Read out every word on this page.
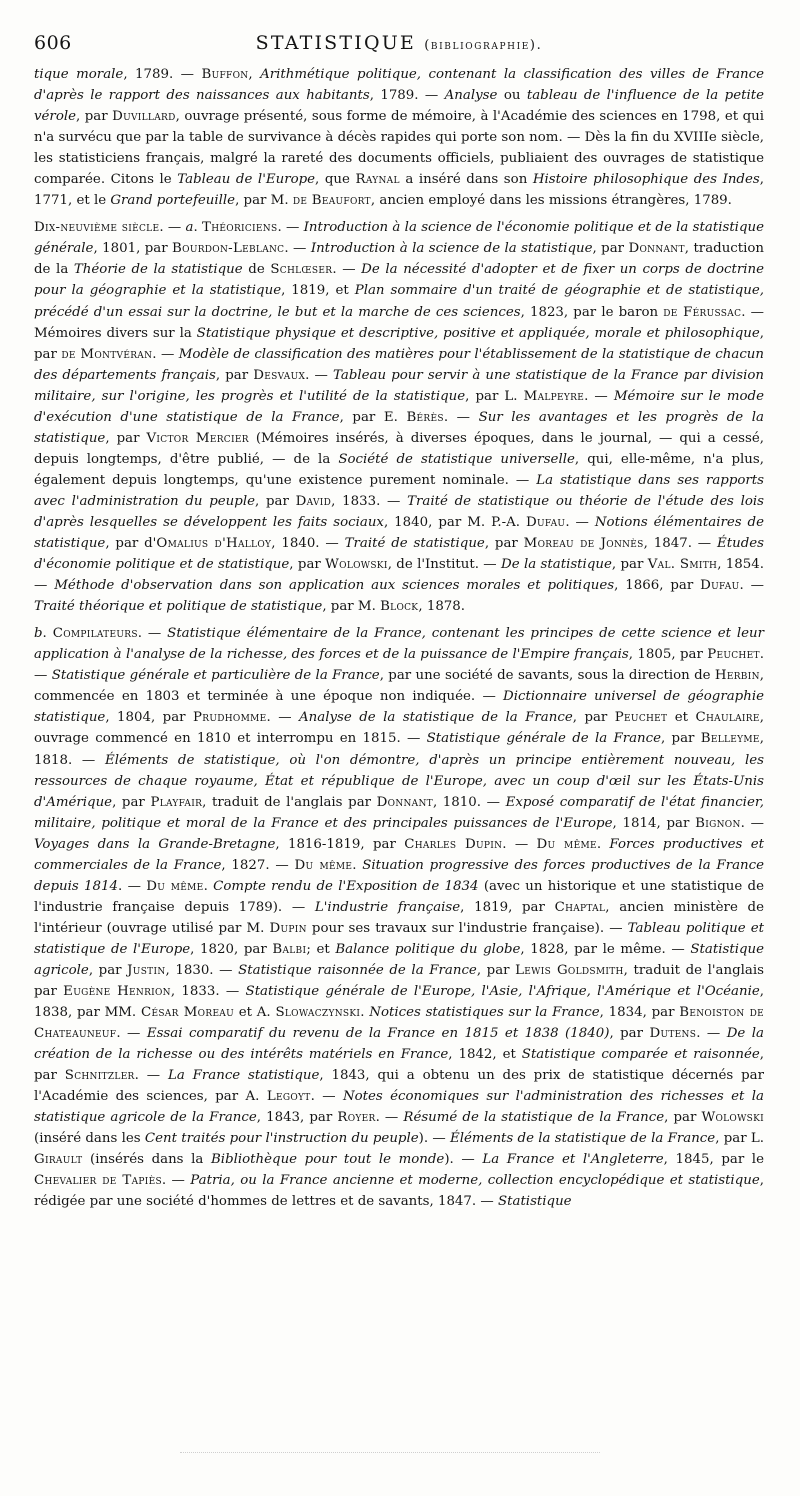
606	STATISTIQUE (bibliographie).

tique morale, 1789. — Buffon, Arithmétique politique, contenant la classification des villes de France d'après le rapport des naissances aux habitants, 1789. — Analyse ou tableau de l'influence de la petite vérole, par Duvillard, ouvrage présenté, sous forme de mémoire, à l'Académie des sciences en 1798, et qui n'a survécu que par la table de survivance à décès rapides qui porte son nom. — Dès la fin du XVIIIe siècle, les statisticiens français, malgré la rareté des documents officiels, publiaient des ouvrages de statistique comparée. Citons le Tableau de l'Europe, que Raynal a inséré dans son Histoire philosophique des Indes, 1771, et le Grand portefeuille, par M. de Beaufort, ancien employé dans les missions étrangères, 1789.

Dix-neuvième siècle. — a. Théoriciens. — Introduction à la science de l'économie politique et de la statistique générale, 1801, par Bourdon-Leblanc. — Introduction à la science de la statistique, par Donnant, traduction de la Théorie de la statistique de Schlœser. — De la nécessité d'adopter et de fixer un corps de doctrine pour la géographie et la statistique, 1819, et Plan sommaire d'un traité de géographie et de statistique, précédé d'un essai sur la doctrine, le but et la marche de ces sciences, 1823, par le baron de Férussac. — Mémoires divers sur la Statistique physique et descriptive, positive et appliquée, morale et philosophique, par de Montvéran. — Modèle de classification des matières pour l'établissement de la statistique de chacun des départements français, par Desvaux. — Tableau pour servir à une statistique de la France par division militaire, sur l'origine, les progrès et l'utilité de la statistique, par L. Malpeyre. — Mémoire sur le mode d'exécution d'une statistique de la France, par E. Bérès. — Sur les avantages et les progrès de la statistique, par Victor Mercier (Mémoires insérés, à diverses époques, dans le journal, — qui a cessé, depuis longtemps, d'être publié, — de la Société de statistique universelle, qui, elle-même, n'a plus, également depuis longtemps, qu'une existence purement nominale. — La statistique dans ses rapports avec l'administration du peuple, par David, 1833. — Traité de statistique ou théorie de l'étude des lois d'après lesquelles se développent les faits sociaux, 1840, par M. P.-A. Dufau. — Notions élémentaires de statistique, par d'Omalius d'Halloy, 1840. — Traité de statistique, par Moreau de Jonnès, 1847. — Études d'économie politique et de statistique, par Wolowski, de l'Institut. — De la statistique, par Val. Smith, 1854. — Méthode d'observation dans son application aux sciences morales et politiques, 1866, par Dufau. — Traité théorique et politique de statistique, par M. Block, 1878.

b. Compilateurs. — Statistique élémentaire de la France, contenant les principes de cette science et leur application à l'analyse de la richesse, des forces et de la puissance de l'Empire français, 1805, par Peuchet. — Statistique générale et particulière de la France, par une société de savants, sous la direction de Herbin, commencée en 1803 et terminée à une époque non indiquée. — Dictionnaire universel de géographie statistique, 1804, par Prudhomme. — Analyse de la statistique de la France, par Peuchet et Chaulaire, ouvrage commencé en 1810 et interrompu en 1815. — Statistique générale de la France, par Belleyme, 1818. — Éléments de statistique, où l'on démontre, d'après un principe entièrement nouveau, les ressources de chaque royaume, État et république de l'Europe, avec un coup d'œil sur les États-Unis d'Amérique, par Playfair, traduit de l'anglais par Donnant, 1810. — Exposé comparatif de l'état financier, militaire, politique et moral de la France et des principales puissances de l'Europe, 1814, par Bignon. — Voyages dans la Grande-Bretagne, 1816-1819, par Charles Dupin. — Du même. Forces productives et commerciales de la France, 1827. — Du même. Situation progressive des forces productives de la France depuis 1814. — Du même. Compte rendu de l'Exposition de 1834 (avec un historique et une statistique de l'industrie française depuis 1789). — L'industrie française, 1819, par Chaptal, ancien ministère de l'intérieur (ouvrage utilisé par M. Dupin pour ses travaux sur l'industrie française). — Tableau politique et statistique de l'Europe, 1820, par Balbi; et Balance politique du globe, 1828, par le même. — Statistique agricole, par Justin, 1830. — Statistique raisonnée de la France, par Lewis Goldsmith, traduit de l'anglais par Eugène Henrion, 1833. — Statistique générale de l'Europe, l'Asie, l'Afrique, l'Amérique et l'Océanie, 1838, par MM. César Moreau et A. Slowaczynski. Notices statistiques sur la France, 1834, par Benoiston de Chateauneuf. — Essai comparatif du revenu de la France en 1815 et 1838 (1840), par Dutens. — De la création de la richesse ou des intérêts matériels en France, 1842, et Statistique comparée et raisonnée, par Schnitzler. — La France statistique, 1843, qui a obtenu un des prix de statistique décernés par l'Académie des sciences, par A. Legoyt. — Notes économiques sur l'administration des richesses et la statistique agricole de la France, 1843, par Royer. — Résumé de la statistique de la France, par Wolowski (inséré dans les Cent traités pour l'instruction du peuple). — Éléments de la statistique de la France, par L. Girault (insérés dans la Bibliothèque pour tout le monde). — La France et l'Angleterre, 1845, par le Chevalier de Tapiès. — Patria, ou la France ancienne et moderne, collection encyclopédique et statistique, rédigée par une société d'hommes de lettres et de savants, 1847. — Statistique
